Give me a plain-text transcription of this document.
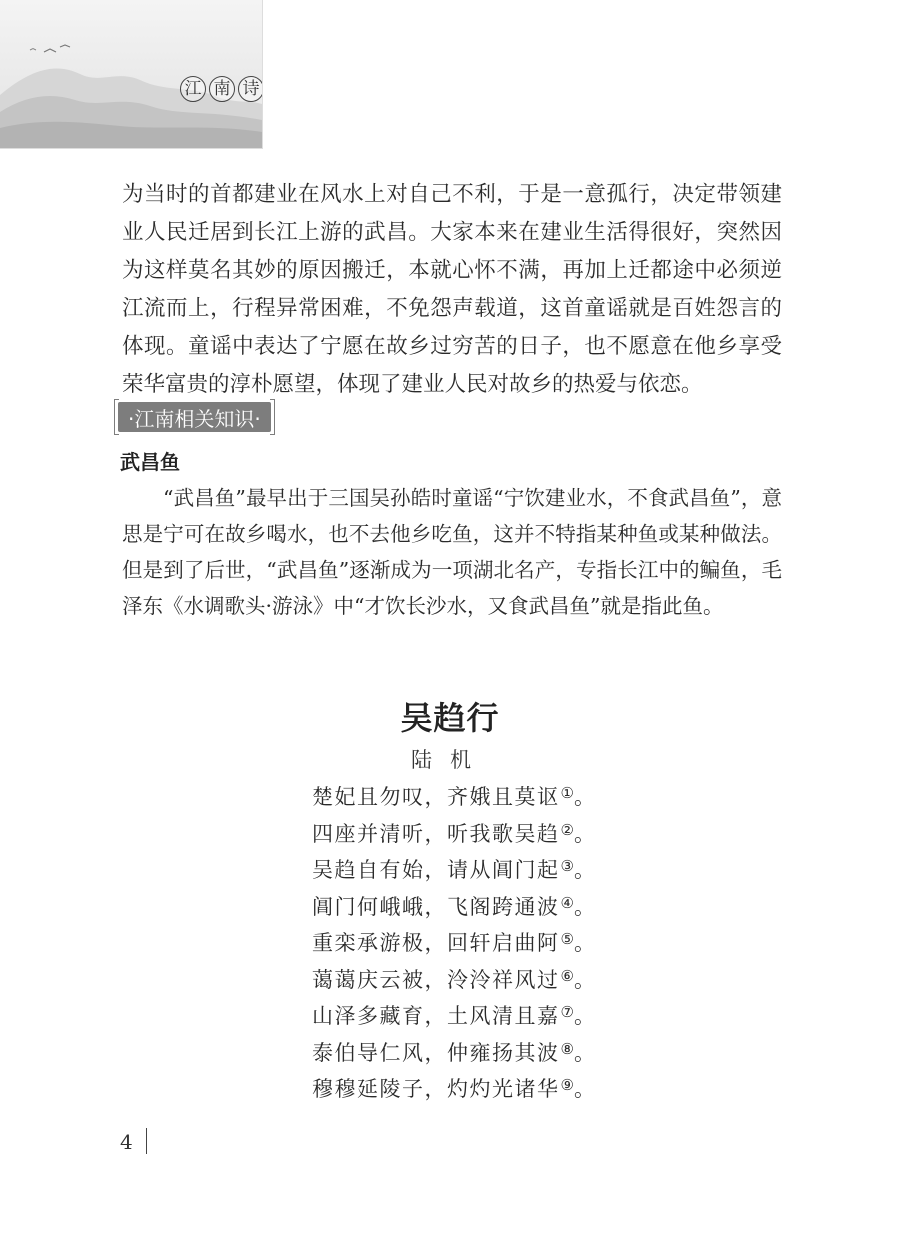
江 南 诗

为当时的首都建业在风水上对自己不利，于是一意孤行，决定带领建业人民迁居到长江上游的武昌。大家本来在建业生活得很好，突然因为这样莫名其妙的原因搬迁，本就心怀不满，再加上迁都途中必须逆江流而上，行程异常困难，不免怨声载道，这首童谣就是百姓怨言的体现。童谣中表达了宁愿在故乡过穷苦的日子，也不愿意在他乡享受荣华富贵的淳朴愿望，体现了建业人民对故乡的热爱与依恋。

·江南相关知识·
武昌鱼

“武昌鱼”最早出于三国吴孙皓时童谣“宁饮建业水，不食武昌鱼”，意思是宁可在故乡喝水，也不去他乡吃鱼，这并不特指某种鱼或某种做法。但是到了后世，“武昌鱼”逐渐成为一项湖北名产，专指长江中的鳊鱼，毛泽东《水调歌头·游泳》中“才饮长沙水，又食武昌鱼”就是指此鱼。

吴趋行
陆机
楚妃且勿叹，齐娥且莫讴①。
四座并清听，听我歌吴趋②。
吴趋自有始，请从阊门起③。
阊门何峨峨，飞阁跨通波④。
重栾承游极，回轩启曲阿⑤。
蔼蔼庆云被，泠泠祥风过⑥。
山泽多藏育，土风清且嘉⑦。
泰伯导仁风，仲雍扬其波⑧。
穆穆延陵子，灼灼光诸华⑨。
4
